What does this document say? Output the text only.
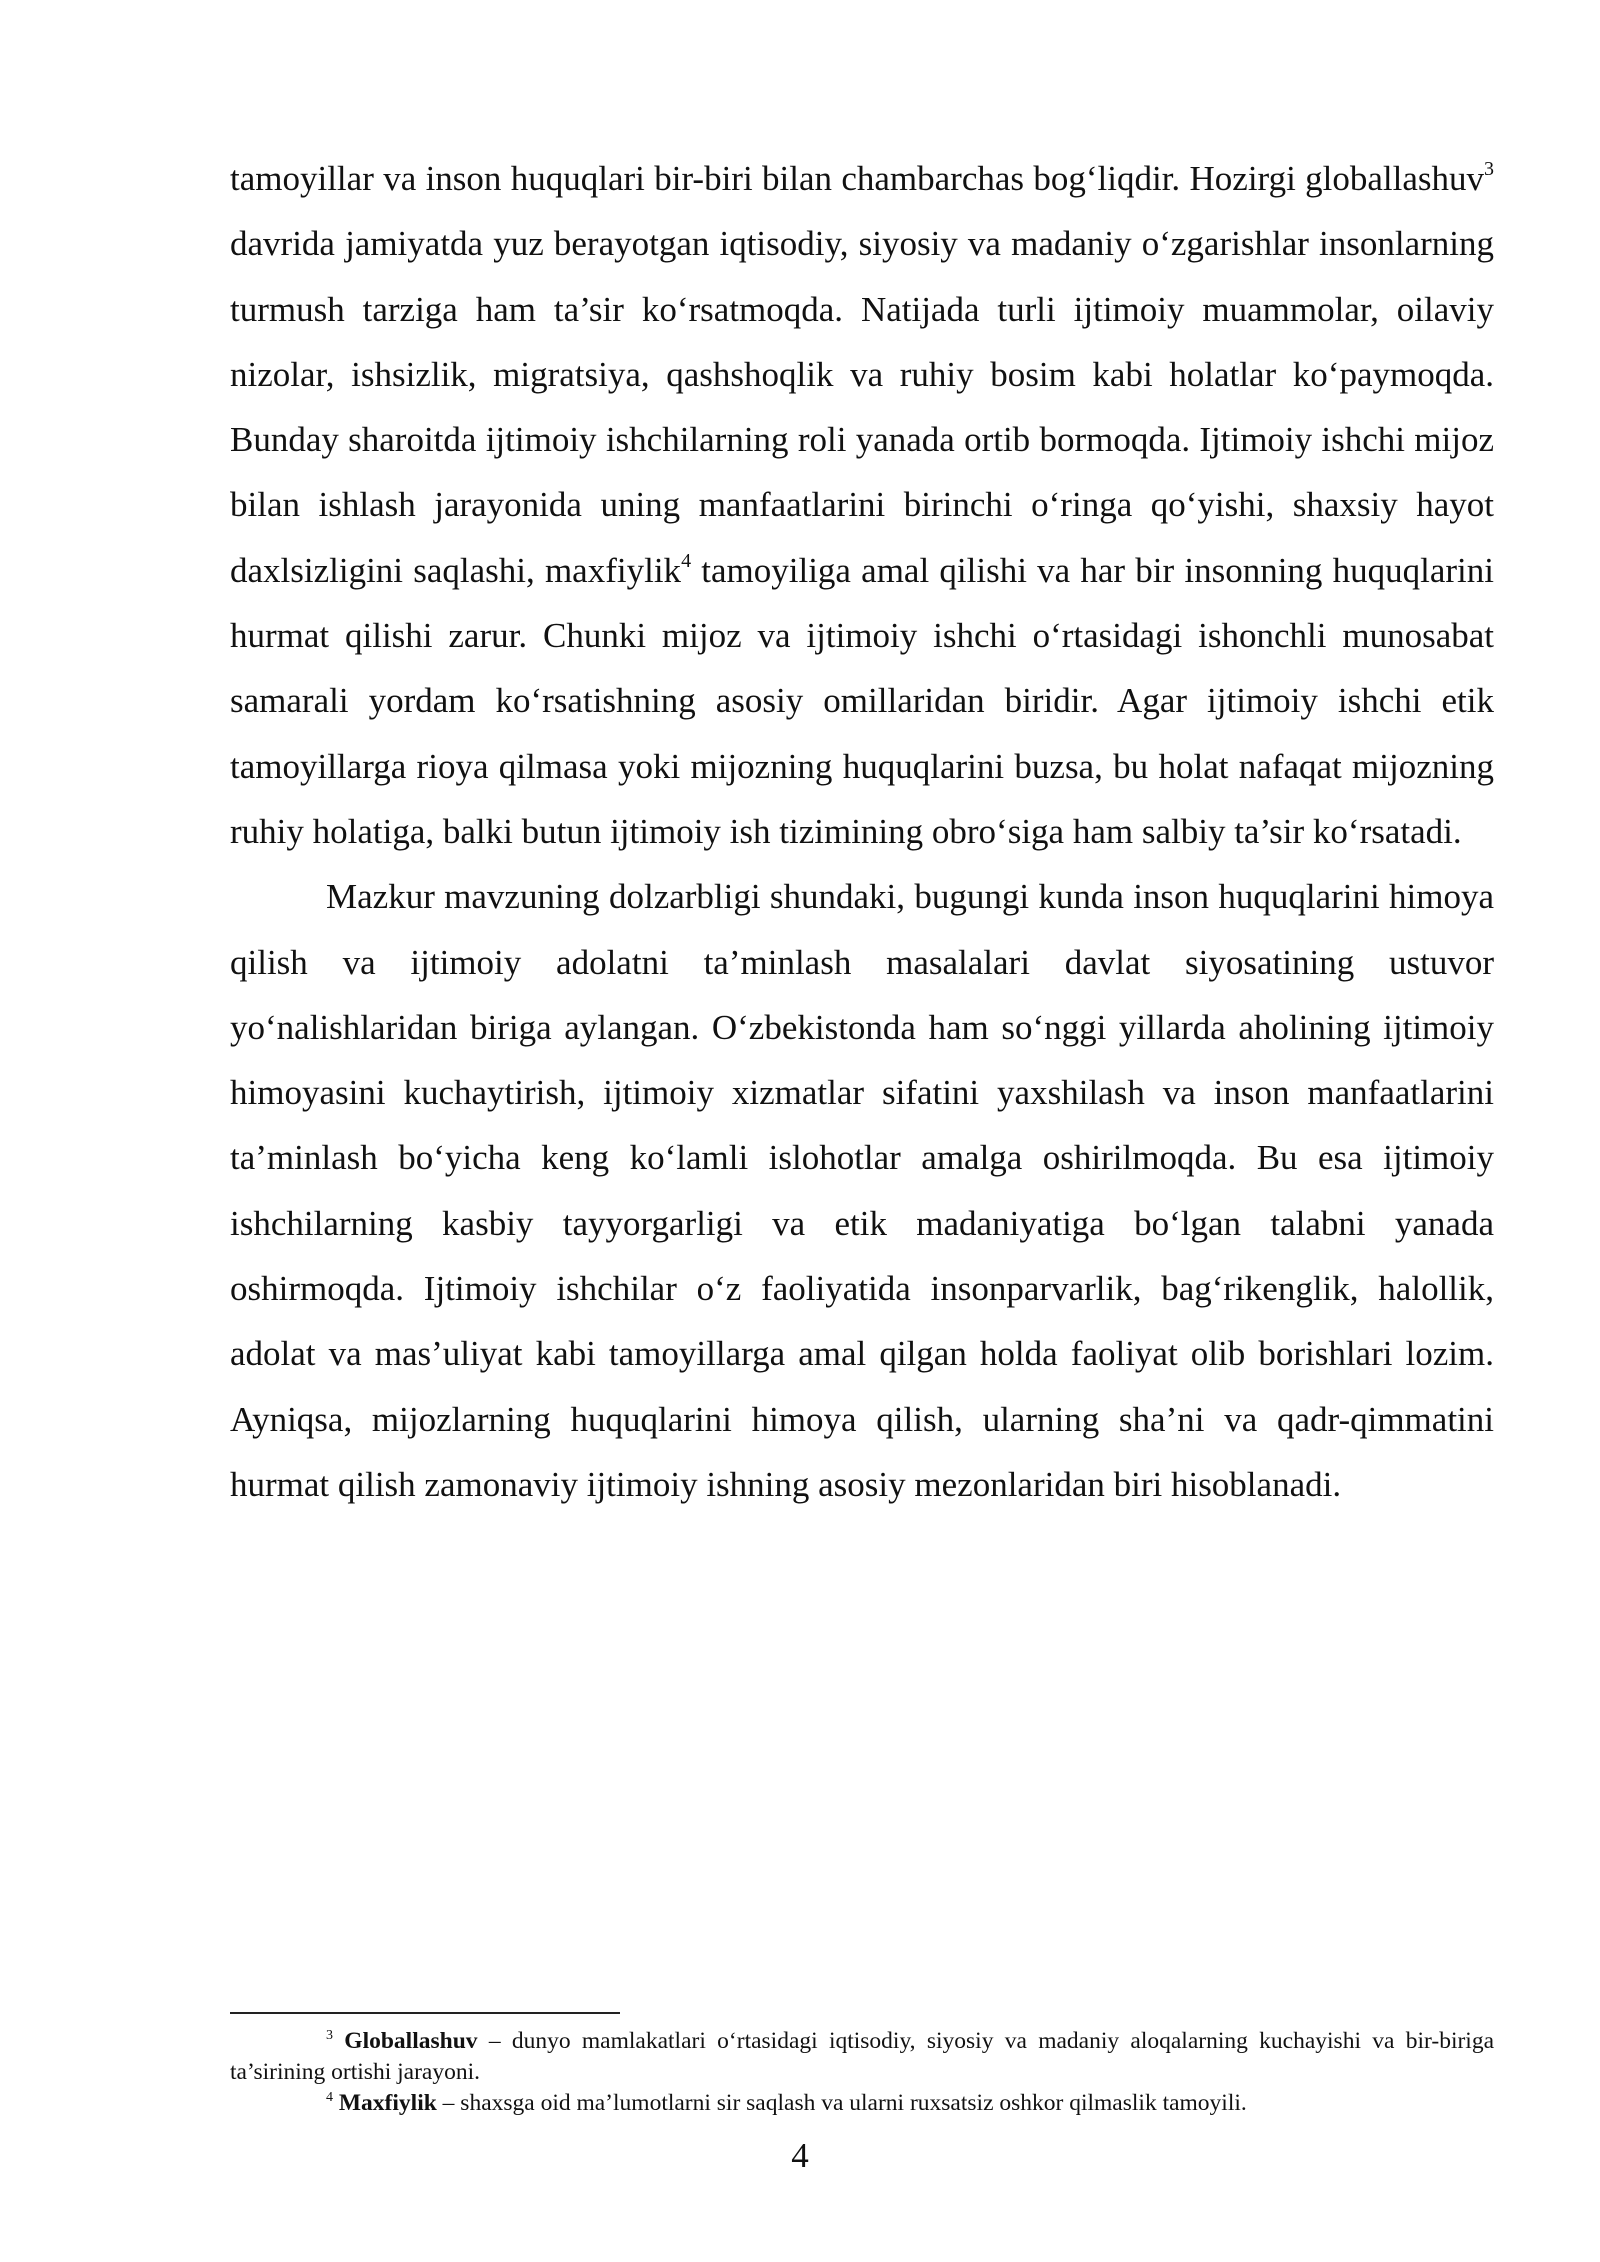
tamoyillar va inson huquqlari bir-biri bilan chambarchas bog‘liqdir. Hozirgi globallashuv$^3$ davrida jamiyatda yuz berayotgan iqtisodiy, siyosiy va madaniy o‘zgarishlar insonlarning turmush tarziga ham ta’sir ko‘rsatmoqda. Natijada turli ijtimoiy muammolar, oilaviy nizolar, ishsizlik, migratsiya, qashshoqlik va ruhiy bosim kabi holatlar ko‘paymoqda. Bunday sharoitda ijtimoiy ishchilarning roli yanada ortib bormoqda. Ijtimoiy ishchi mijoz bilan ishlash jarayonida uning manfaatlarini birinchi o‘ringa qo‘yishi, shaxsiy hayot daxlsizligini saqlashi, maxfiylik$^4$ tamoyiliga amal qilishi va har bir insonning huquqlarini hurmat qilishi zarur. Chunki mijoz va ijtimoiy ishchi o‘rtasidagi ishonchli munosabat samarali yordam ko‘rsatishning asosiy omillaridan biridir. Agar ijtimoiy ishchi etik tamoyillarga rioya qilmasa yoki mijozning huquqlarini buzsa, bu holat nafaqat mijozning ruhiy holatiga, balki butun ijtimoiy ish tizimining obro‘siga ham salbiy ta’sir ko‘rsatadi.

Mazkur mavzuning dolzarbligi shundaki, bugungi kunda inson huquqlarini himoya qilish va ijtimoiy adolatni ta’minlash masalalari davlat siyosatining ustuvor yo‘nalishlaridan biriga aylangan. O‘zbekistonda ham so‘nggi yillarda aholining ijtimoiy himoyasini kuchaytirish, ijtimoiy xizmatlar sifatini yaxshilash va inson manfaatlarini ta’minlash bo‘yicha keng ko‘lamli islohotlar amalga oshirilmoqda. Bu esa ijtimoiy ishchilarning kasbiy tayyorgarligi va etik madaniyatiga bo‘lgan talabni yanada oshirmoqda. Ijtimoiy ishchilar o‘z faoliyatida insonparvarlik, bag‘rikenglik, halollik, adolat va mas’uliyat kabi tamoyillarga amal qilgan holda faoliyat olib borishlari lozim. Ayniqsa, mijozlarning huquqlarini himoya qilish, ularning sha’ni va qadr-qimmatini hurmat qilish zamonaviy ijtimoiy ishning asosiy mezonlaridan biri hisoblanadi.

$^3$ Globallashuv – dunyo mamlakatlari o‘rtasidagi iqtisodiy, siyosiy va madaniy aloqalarning kuchayishi va bir-biriga ta’sirining ortishi jarayoni.

$^4$ Maxfiylik – shaxsga oid ma’lumotlarni sir saqlash va ularni ruxsatsiz oshkor qilmaslik tamoyili.

4
